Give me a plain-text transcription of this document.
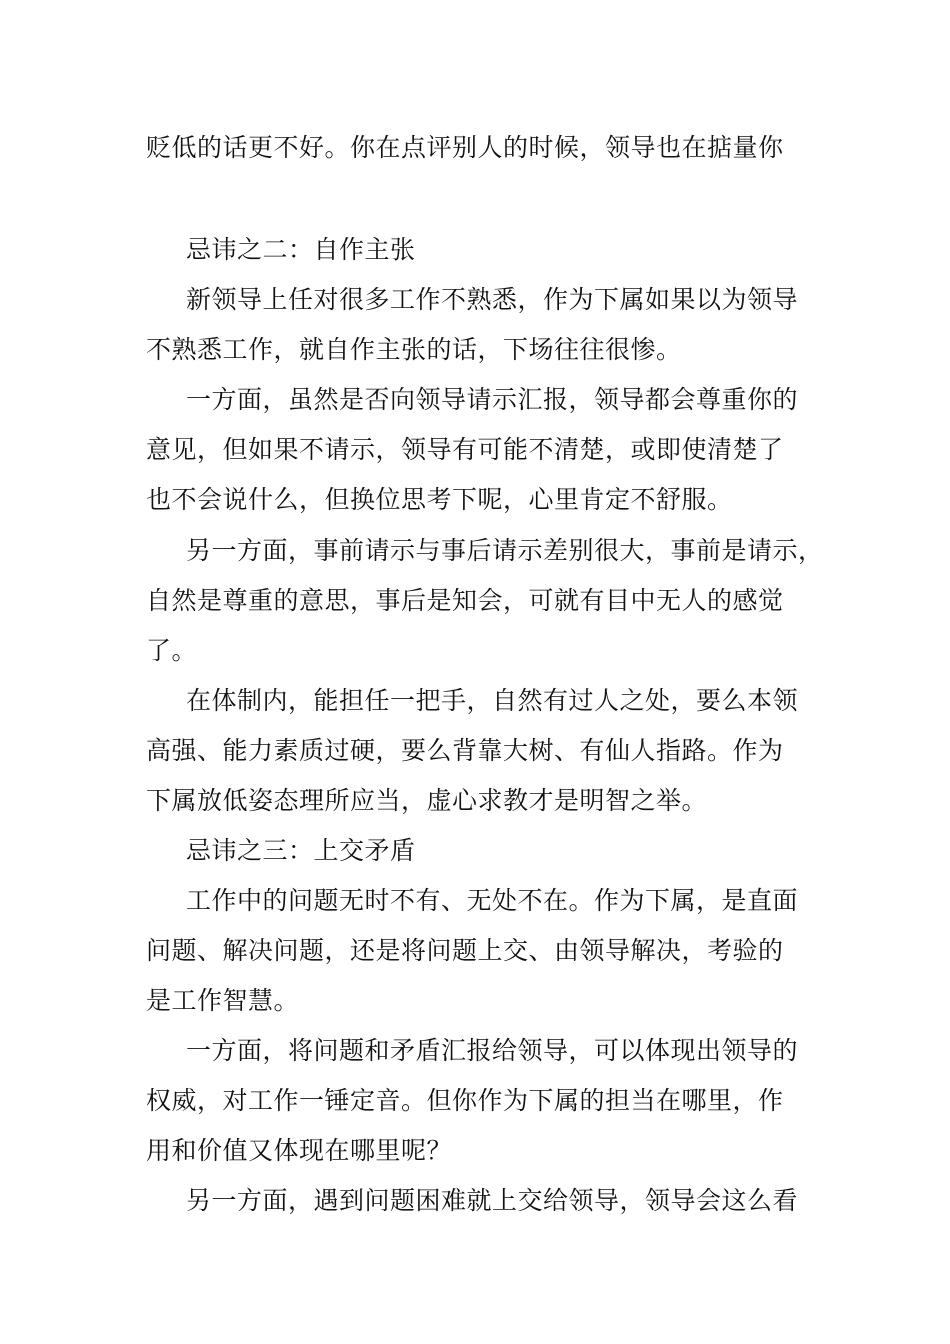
贬低的话更不好。你在点评别人的时候，领导也在掂量你
忌讳之二：自作主张
新领导上任对很多工作不熟悉，作为下属如果以为领导
不熟悉工作，就自作主张的话，下场往往很惨。
一方面，虽然是否向领导请示汇报，领导都会尊重你的
意见，但如果不请示，领导有可能不清楚，或即使清楚了
也不会说什么，但换位思考下呢，心里肯定不舒服。
另一方面，事前请示与事后请示差别很大，事前是请示，
自然是尊重的意思，事后是知会，可就有目中无人的感觉
了。
在体制内，能担任一把手，自然有过人之处，要么本领
高强、能力素质过硬，要么背靠大树、有仙人指路。作为
下属放低姿态理所应当，虚心求教才是明智之举。
忌讳之三：上交矛盾
工作中的问题无时不有、无处不在。作为下属，是直面
问题、解决问题，还是将问题上交、由领导解决，考验的
是工作智慧。
一方面，将问题和矛盾汇报给领导，可以体现出领导的
权威，对工作一锤定音。但你作为下属的担当在哪里，作
用和价值又体现在哪里呢？
另一方面，遇到问题困难就上交给领导，领导会这么看
